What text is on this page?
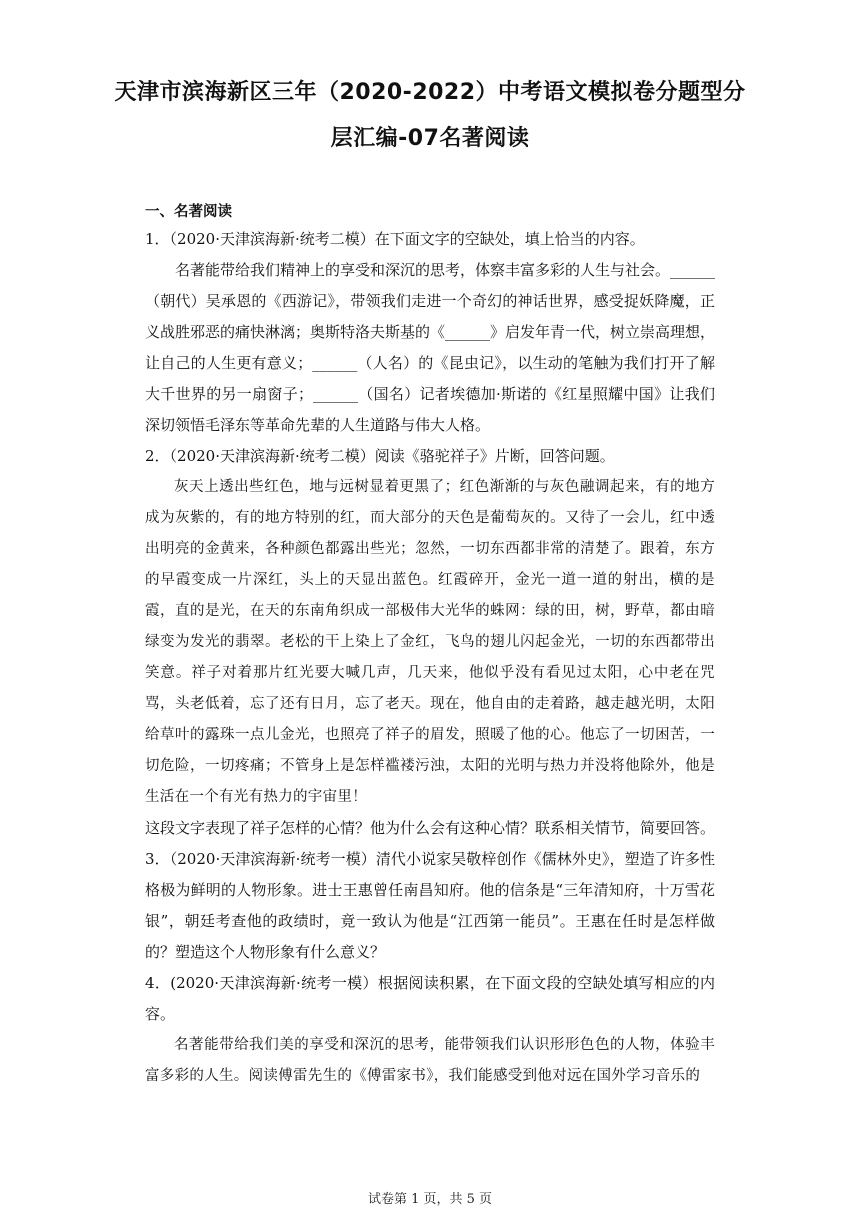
天津市滨海新区三年（2020-2022）中考语文模拟卷分题型分
层汇编-07名著阅读
一、名著阅读

1．（2020·天津滨海新·统考二模）在下面文字的空缺处，填上恰当的内容。

名著能带给我们精神上的享受和深沉的思考，体察丰富多彩的人生与社会。______（朝代）吴承恩的《西游记》，带领我们走进一个奇幻的神话世界，感受捉妖降魔，正义战胜邪恶的痛快淋漓；奥斯特洛夫斯基的《______》启发年青一代，树立崇高理想，让自己的人生更有意义；______（人名）的《昆虫记》，以生动的笔触为我们打开了解大千世界的另一扇窗子；______（国名）记者埃德加·斯诺的《红星照耀中国》让我们深切领悟毛泽东等革命先辈的人生道路与伟大人格。

2．（2020·天津滨海新·统考二模）阅读《骆驼祥子》片断，回答问题。

灰天上透出些红色，地与远树显着更黑了；红色渐渐的与灰色融调起来，有的地方成为灰紫的，有的地方特别的红，而大部分的天色是葡萄灰的。又待了一会儿，红中透出明亮的金黄来，各种颜色都露出些光；忽然，一切东西都非常的清楚了。跟着，东方的早霞变成一片深红，头上的天显出蓝色。红霞碎开，金光一道一道的射出，横的是霞，直的是光，在天的东南角织成一部极伟大光华的蛛网：绿的田，树，野草，都由暗绿变为发光的翡翠。老松的干上染上了金红，飞鸟的翅儿闪起金光，一切的东西都带出笑意。祥子对着那片红光要大喊几声，几天来，他似乎没有看见过太阳，心中老在咒骂，头老低着，忘了还有日月，忘了老天。现在，他自由的走着路，越走越光明，太阳给草叶的露珠一点儿金光，也照亮了祥子的眉发，照暖了他的心。他忘了一切困苦，一切危险，一切疼痛；不管身上是怎样褴褛污浊，太阳的光明与热力并没将他除外，他是生活在一个有光有热力的宇宙里！

这段文字表现了祥子怎样的心情？他为什么会有这种心情？联系相关情节，简要回答。

3．（2020·天津滨海新·统考一模）清代小说家吴敬梓创作《儒林外史》，塑造了许多性格极为鲜明的人物形象。进士王惠曾任南昌知府。他的信条是“三年清知府，十万雪花银”，朝廷考查他的政绩时，竟一致认为他是“江西第一能员”。王惠在任时是怎样做的？塑造这个人物形象有什么意义？

4．(2020·天津滨海新·统考一模）根据阅读积累，在下面文段的空缺处填写相应的内容。

名著能带给我们美的享受和深沉的思考，能带领我们认识形形色色的人物，体验丰富多彩的人生。阅读傅雷先生的《傅雷家书》，我们能感受到他对远在国外学习音乐的

试卷第 1 页，共 5 页
